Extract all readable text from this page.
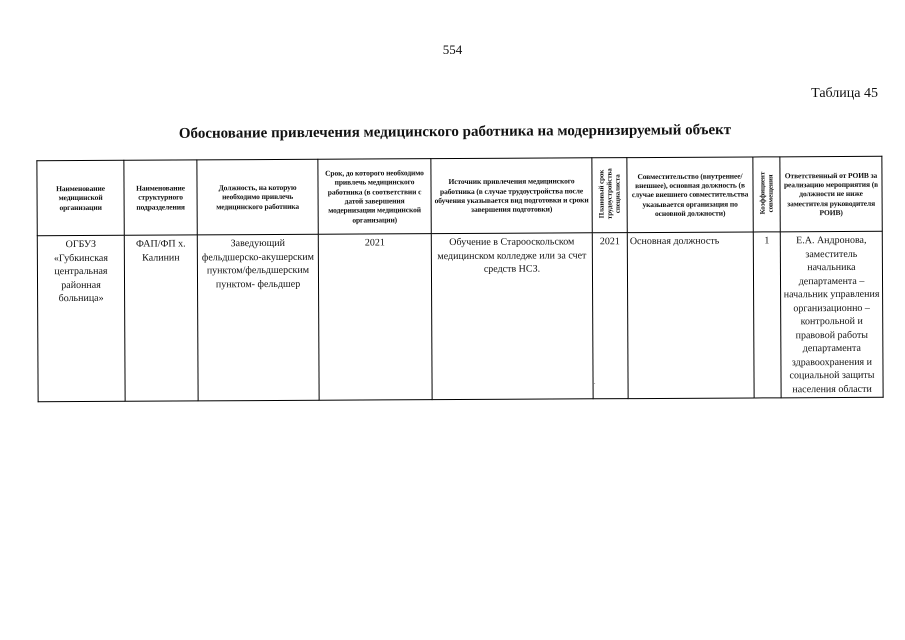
554
Таблица 45
Обоснование привлечения медицинского работника на модернизируемый объект
Наименование медицинской организации	Наименование структурного подразделения	Должность, на которую необходимо привлечь медицинского работника	Срок, до которого необходимо привлечь медицинского работника (в соответствии с датой завершения модернизации медицинской организации)	Источник привлечения медицинского работника (в случае трудоустройства после обучения указывается вид подготовки и сроки завершения подготовки)	Плановый срок трудоустройства специалиста	Совместительство (внутреннее/ внешнее), основная должность (в случае внешнего совместительства указывается организация по основной должности)	Коэффициент совмещения	Ответственный от РОИВ за реализацию мероприятия (в должности не ниже заместителя руководителя РОИВ)
ОГБУЗ «Губкинская центральная районная больница»	ФАП/ФП х. Калинин	Заведующий фельдшерско-акушерским пунктом/фельдшерским пунктом- фельдшер	2021	Обучение в Старооскольском медицинском колледже или за счет средств НСЗ.	2021	Основная должность	1	Е.А. Андронова, заместитель начальника департамента – начальник управления организационно – контрольной и правовой работы департамента здравоохранения и социальной защиты населения области
.
